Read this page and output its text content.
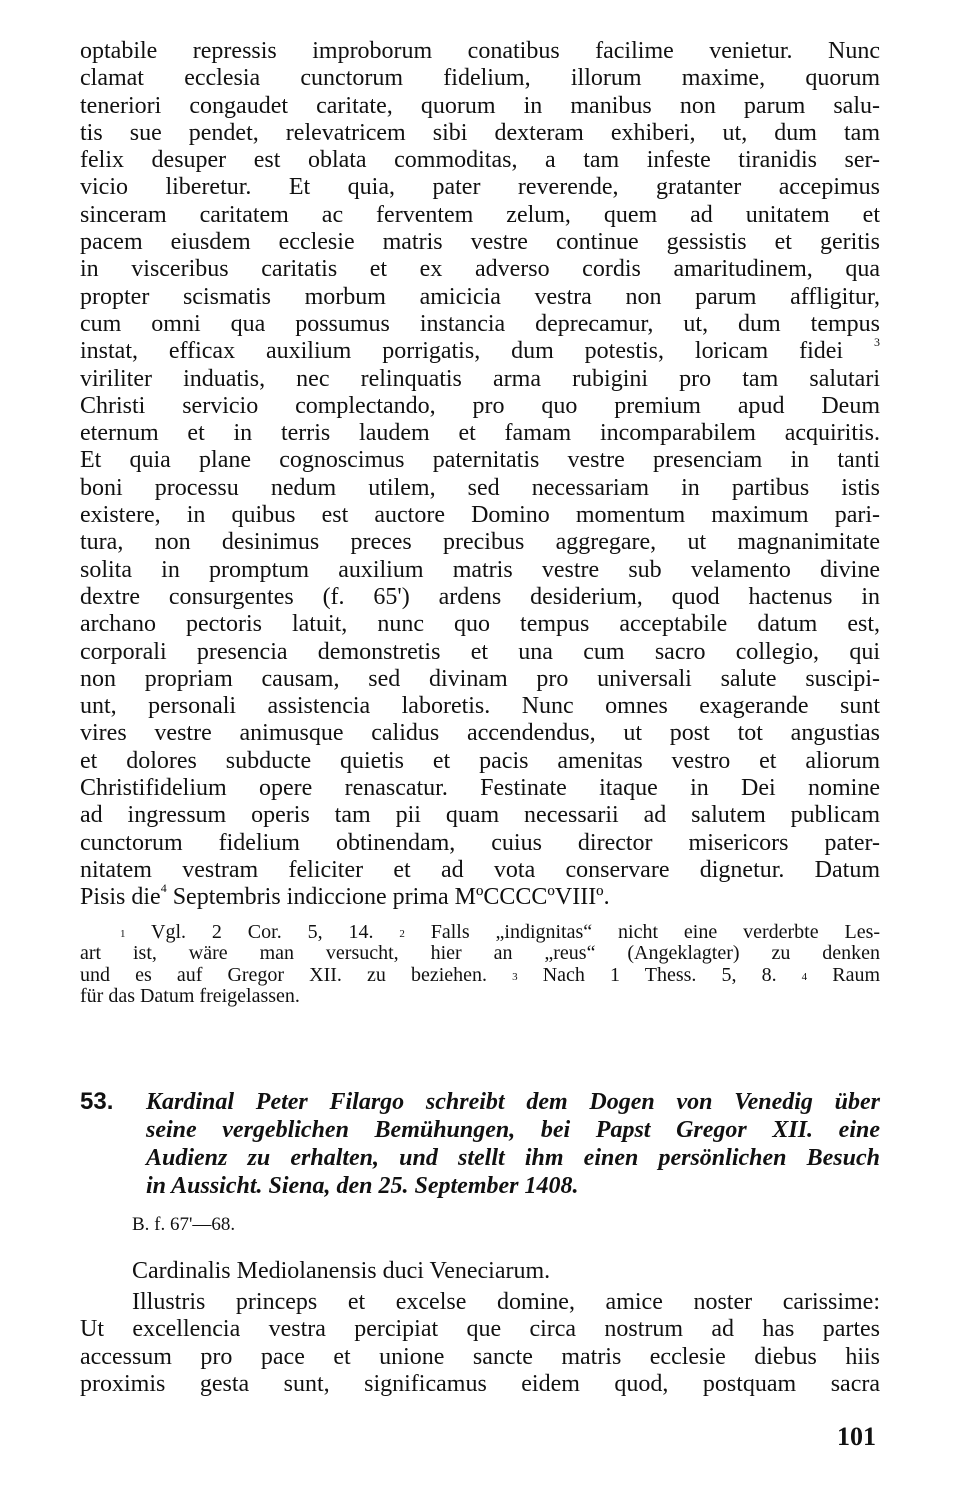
optabile repressis improborum conatibus facilime venietur. Nunc
clamat ecclesia cunctorum fidelium, illorum maxime, quorum
teneriori congaudet caritate, quorum in manibus non parum salu-
tis sue pendet, relevatricem sibi dexteram exhiberi, ut, dum tam
felix desuper est oblata commoditas, a tam infeste tiranidis ser-
vicio liberetur. Et quia, pater reverende, gratanter accepimus
sinceram caritatem ac ferventem zelum, quem ad unitatem et
pacem eiusdem ecclesie matris vestre continue gessistis et geritis
in visceribus caritatis et ex adverso cordis amaritudinem, qua
propter scismatis morbum amicicia vestra non parum affligitur,
cum omni qua possumus instancia deprecamur, ut, dum tempus
instat, efficax auxilium porrigatis, dum potestis, loricam fidei	$^3$
viriliter induatis, nec relinquatis arma rubigini pro tam salutari
Christi servicio complectando, pro quo premium apud Deum
eternum et in terris laudem et famam incomparabilem acquiritis.
Et quia plane cognoscimus paternitatis vestre presenciam in tanti
boni processu nedum utilem, sed necessariam in partibus istis
existere, in quibus est auctore Domino momentum maximum pari-
tura, non desinimus preces precibus aggregare, ut magnanimitate
solita in promptum auxilium matris vestre sub velamento divine
dextre consurgentes (f. 65') ardens desiderium, quod hactenus in
archano pectoris latuit, nunc quo tempus acceptabile datum est,
corporali presencia demonstretis et una cum sacro collegio, qui
non propriam causam, sed divinam pro universali salute suscipi-
unt, personali assistencia laboretis. Nunc omnes exagerande sunt
vires vestre animusque calidus accendendus, ut post tot angustias
et dolores subducte quietis et pacis amenitas vestro et aliorum
Christifidelium opere renascatur. Festinate itaque in Dei nomine
ad ingressum operis tam pii quam necessarii ad salutem publicam
cunctorum fidelium obtinendam, cuius director misericors pater-
nitatem vestram feliciter et ad vota conservare dignetur. Datum
Pisis die$^4$ Septembris indiccione prima MºCCCCºVIIIº.

$^1$ Vgl. 2 Cor. 5, 14. $^2$ Falls „indignitas“ nicht eine verderbte Les-
art ist, wäre man versucht, hier an „reus“ (Angeklagter) zu denken
und es auf Gregor XII. zu beziehen. $^3$ Nach 1 Thess. 5, 8. $^4$ Raum
für das Datum freigelassen.
53. Kardinal Peter Filargo schreibt dem Dogen von Venedig über
seine vergeblichen Bemühungen, bei Papst Gregor XII. eine
Audienz zu erhalten, und stellt ihm einen persönlichen Besuch
in Aussicht. Siena, den 25. September 1408.
B. f. 67'—68.
Cardinalis Mediolanensis duci Veneciarum.

Illustris princeps et excelse domine, amice noster carissime:
Ut excellencia vestra percipiat que circa nostrum ad has partes
accessum pro pace et unione sancte matris ecclesie diebus hiis
proximis gesta sunt, significamus eidem quod, postquam sacra

101
